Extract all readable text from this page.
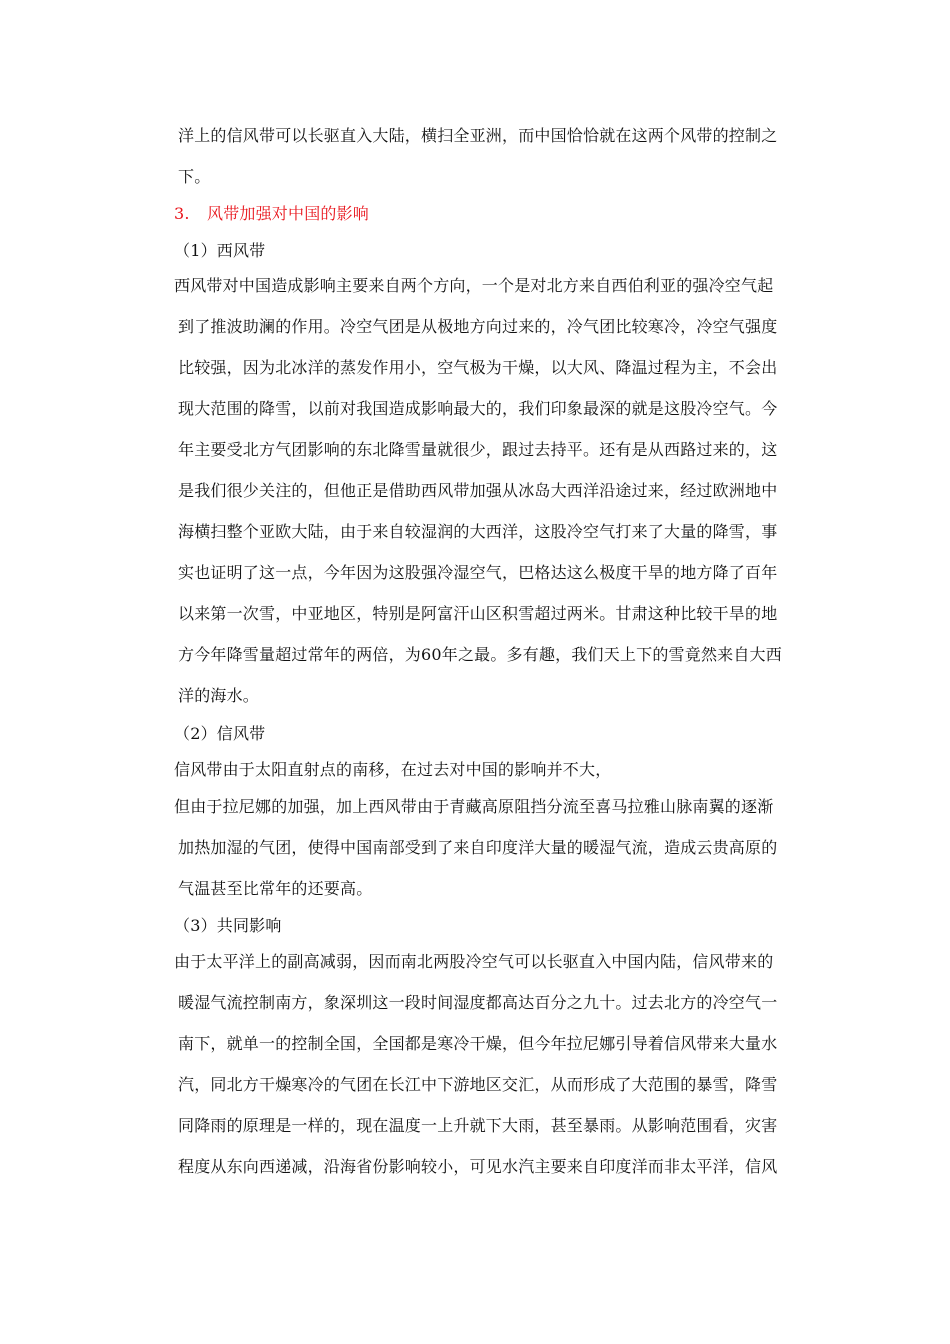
洋上的信风带可以长驱直入大陆，横扫全亚洲，而中国恰恰就在这两个风带的控制之
下。
3. 风带加强对中国的影响
（1）西风带
西风带对中国造成影响主要来自两个方向，一个是对北方来自西伯利亚的强冷空气起
到了推波助澜的作用。冷空气团是从极地方向过来的，冷气团比较寒冷，冷空气强度
比较强，因为北冰洋的蒸发作用小，空气极为干燥，以大风、降温过程为主，不会出
现大范围的降雪，以前对我国造成影响最大的，我们印象最深的就是这股冷空气。今
年主要受北方气团影响的东北降雪量就很少，跟过去持平。还有是从西路过来的，这
是我们很少关注的，但他正是借助西风带加强从冰岛大西洋沿途过来，经过欧洲地中
海横扫整个亚欧大陆，由于来自较湿润的大西洋，这股冷空气打来了大量的降雪，事
实也证明了这一点，今年因为这股强冷湿空气，巴格达这么极度干旱的地方降了百年
以来第一次雪，中亚地区，特别是阿富汗山区积雪超过两米。甘肃这种比较干旱的地
方今年降雪量超过常年的两倍，为60年之最。多有趣，我们天上下的雪竟然来自大西
洋的海水。
（2）信风带
信风带由于太阳直射点的南移，在过去对中国的影响并不大，
但由于拉尼娜的加强，加上西风带由于青藏高原阻挡分流至喜马拉雅山脉南翼的逐渐
加热加湿的气团，使得中国南部受到了来自印度洋大量的暖湿气流，造成云贵高原的
气温甚至比常年的还要高。
（3）共同影响
由于太平洋上的副高减弱，因而南北两股冷空气可以长驱直入中国内陆，信风带来的
暖湿气流控制南方，象深圳这一段时间湿度都高达百分之九十。过去北方的冷空气一
南下，就单一的控制全国，全国都是寒冷干燥，但今年拉尼娜引导着信风带来大量水
汽，同北方干燥寒冷的气团在长江中下游地区交汇，从而形成了大范围的暴雪，降雪
同降雨的原理是一样的，现在温度一上升就下大雨，甚至暴雨。从影响范围看，灾害
程度从东向西递减，沿海省份影响较小，可见水汽主要来自印度洋而非太平洋，信风
